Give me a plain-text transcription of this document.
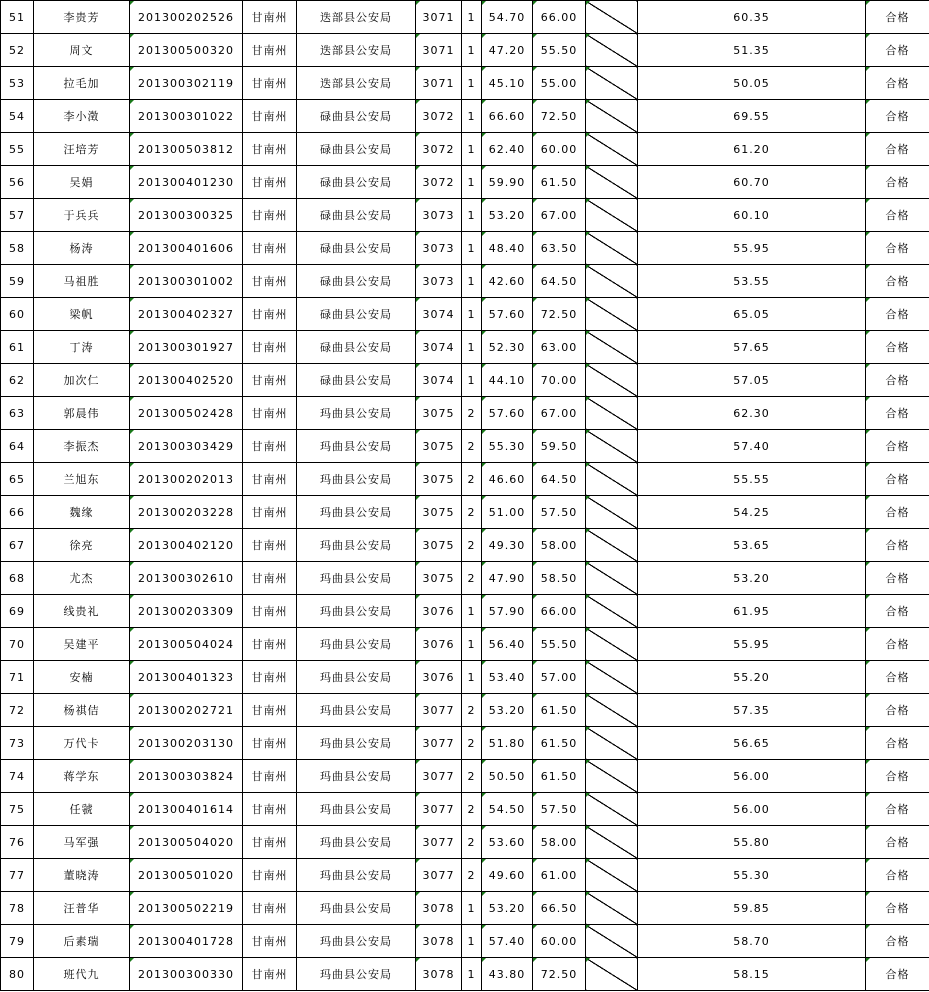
51	李贵芳	201300202526	甘南州	迭部县公安局	3071	1	54.70	66.00		60.35	合格
52	周文	201300500320	甘南州	迭部县公安局	3071	1	47.20	55.50		51.35	合格
53	拉毛加	201300302119	甘南州	迭部县公安局	3071	1	45.10	55.00		50.05	合格
54	李小澂	201300301022	甘南州	碌曲县公安局	3072	1	66.60	72.50		69.55	合格
55	汪培芳	201300503812	甘南州	碌曲县公安局	3072	1	62.40	60.00		61.20	合格
56	吴娟	201300401230	甘南州	碌曲县公安局	3072	1	59.90	61.50		60.70	合格
57	于兵兵	201300300325	甘南州	碌曲县公安局	3073	1	53.20	67.00		60.10	合格
58	杨涛	201300401606	甘南州	碌曲县公安局	3073	1	48.40	63.50		55.95	合格
59	马祖胜	201300301002	甘南州	碌曲县公安局	3073	1	42.60	64.50		53.55	合格
60	梁帆	201300402327	甘南州	碌曲县公安局	3074	1	57.60	72.50		65.05	合格
61	丁涛	201300301927	甘南州	碌曲县公安局	3074	1	52.30	63.00		57.65	合格
62	加次仁	201300402520	甘南州	碌曲县公安局	3074	1	44.10	70.00		57.05	合格
63	郭晨伟	201300502428	甘南州	玛曲县公安局	3075	2	57.60	67.00		62.30	合格
64	李振杰	201300303429	甘南州	玛曲县公安局	3075	2	55.30	59.50		57.40	合格
65	兰旭东	201300202013	甘南州	玛曲县公安局	3075	2	46.60	64.50		55.55	合格
66	魏缘	201300203228	甘南州	玛曲县公安局	3075	2	51.00	57.50		54.25	合格
67	徐亮	201300402120	甘南州	玛曲县公安局	3075	2	49.30	58.00		53.65	合格
68	尤杰	201300302610	甘南州	玛曲县公安局	3075	2	47.90	58.50		53.20	合格
69	线贵礼	201300203309	甘南州	玛曲县公安局	3076	1	57.90	66.00		61.95	合格
70	吴建平	201300504024	甘南州	玛曲县公安局	3076	1	56.40	55.50		55.95	合格
71	安楠	201300401323	甘南州	玛曲县公安局	3076	1	53.40	57.00		55.20	合格
72	杨祺佶	201300202721	甘南州	玛曲县公安局	3077	2	53.20	61.50		57.35	合格
73	万代卡	201300203130	甘南州	玛曲县公安局	3077	2	51.80	61.50		56.65	合格
74	蒋学东	201300303824	甘南州	玛曲县公安局	3077	2	50.50	61.50		56.00	合格
75	任虢	201300401614	甘南州	玛曲县公安局	3077	2	54.50	57.50		56.00	合格
76	马军强	201300504020	甘南州	玛曲县公安局	3077	2	53.60	58.00		55.80	合格
77	董晓涛	201300501020	甘南州	玛曲县公安局	3077	2	49.60	61.00		55.30	合格
78	汪普华	201300502219	甘南州	玛曲县公安局	3078	1	53.20	66.50		59.85	合格
79	后素瑞	201300401728	甘南州	玛曲县公安局	3078	1	57.40	60.00		58.70	合格
80	班代九	201300300330	甘南州	玛曲县公安局	3078	1	43.80	72.50		58.15	合格
